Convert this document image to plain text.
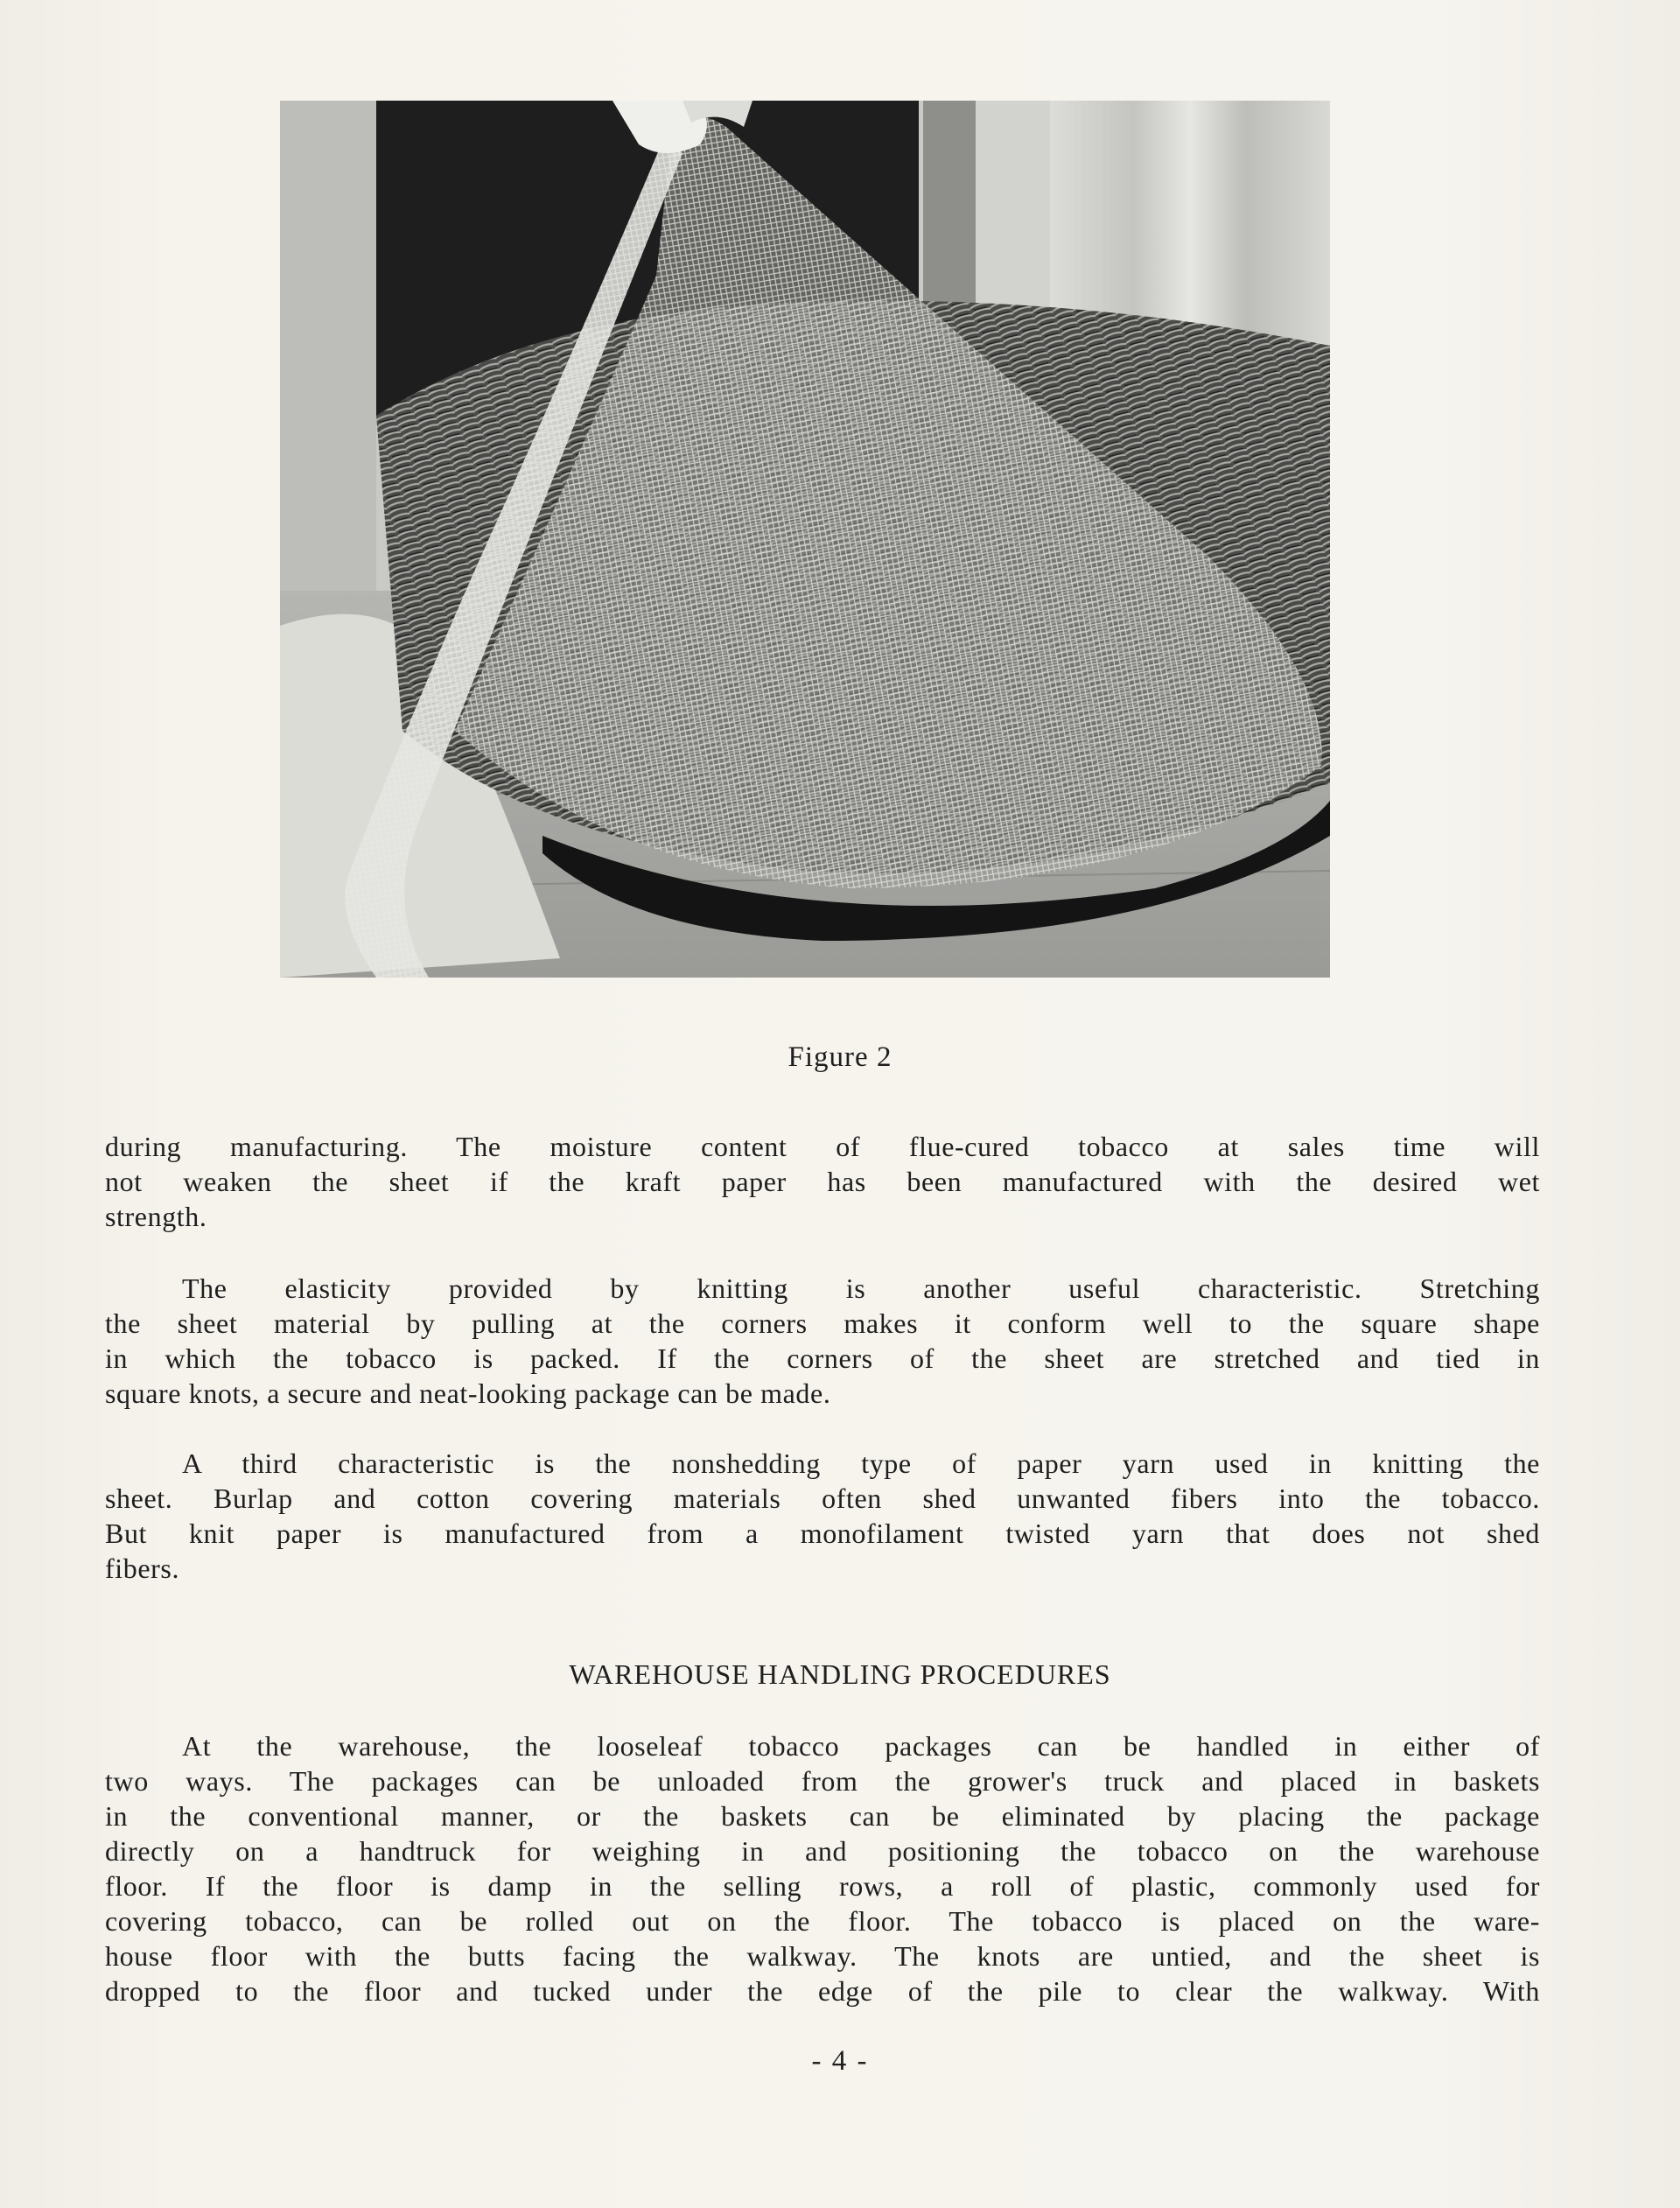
Figure 2
during manufacturing. The moisture content of flue-cured tobacco at sales time will
not weaken the sheet if the kraft paper has been manufactured with the desired wet
strength.
The elasticity provided by knitting is another useful characteristic. Stretching
the sheet material by pulling at the corners makes it conform well to the square shape
in which the tobacco is packed. If the corners of the sheet are stretched and tied in
square knots, a secure and neat-looking package can be made.
A third characteristic is the nonshedding type of paper yarn used in knitting the
sheet. Burlap and cotton covering materials often shed unwanted fibers into the tobacco.
But knit paper is manufactured from a monofilament twisted yarn that does not shed
fibers.
WAREHOUSE HANDLING PROCEDURES
At the warehouse, the looseleaf tobacco packages can be handled in either of
two ways. The packages can be unloaded from the grower's truck and placed in baskets
in the conventional manner, or the baskets can be eliminated by placing the package
directly on a handtruck for weighing in and positioning the tobacco on the warehouse
floor. If the floor is damp in the selling rows, a roll of plastic, commonly used for
covering tobacco, can be rolled out on the floor. The tobacco is placed on the ware-
house floor with the butts facing the walkway. The knots are untied, and the sheet is
dropped to the floor and tucked under the edge of the pile to clear the walkway. With
- 4 -
